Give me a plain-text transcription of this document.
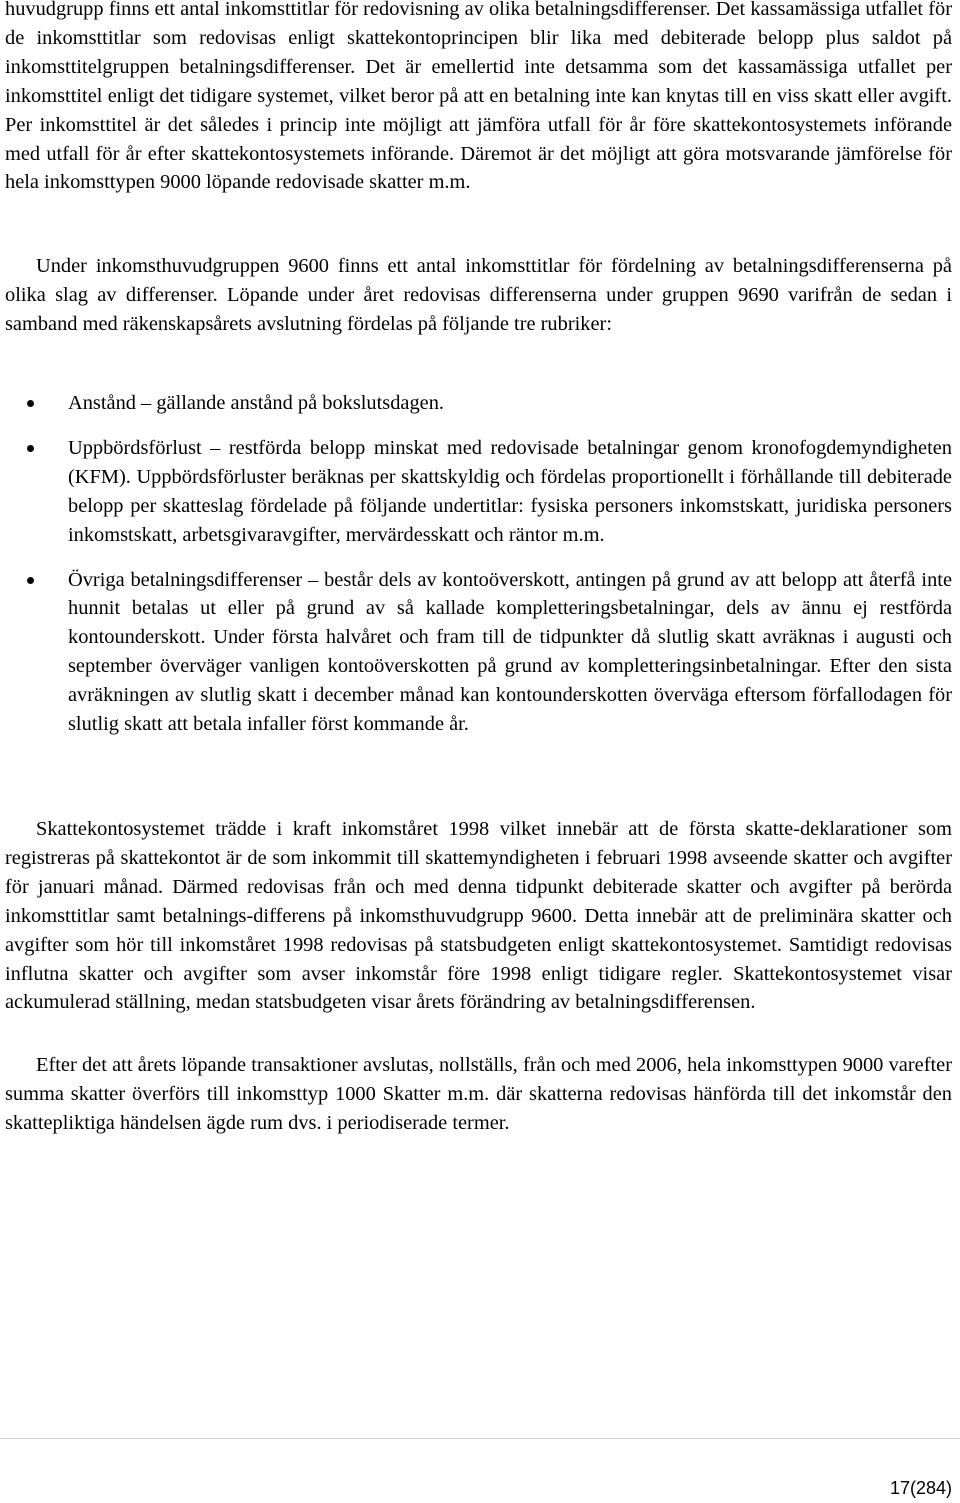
huvudgrupp finns ett antal inkomsttitlar för redovisning av olika betalningsdifferenser. Det kassamässiga utfallet för de inkomsttitlar som redovisas enligt skattekontoprincipen blir lika med debiterade belopp plus saldot på inkomsttitelgruppen betalningsdifferenser. Det är emellertid inte detsamma som det kassamässiga utfallet per inkomsttitel enligt det tidigare systemet, vilket beror på att en betalning inte kan knytas till en viss skatt eller avgift. Per inkomsttitel är det således i princip inte möjligt att jämföra utfall för år före skattekontosystemets införande med utfall för år efter skattekontosystemets införande. Däremot är det möjligt att göra motsvarande jämförelse för hela inkomsttypen 9000 löpande redovisade skatter m.m.

Under inkomsthuvudgruppen 9600 finns ett antal inkomsttitlar för fördelning av betalningsdifferenserna på olika slag av differenser. Löpande under året redovisas differenserna under gruppen 9690 varifrån de sedan i samband med räkenskapsårets avslutning fördelas på följande tre rubriker:

Anstånd – gällande anstånd på bokslutsdagen.
Uppbördsförlust – restförda belopp minskat med redovisade betalningar genom kronofogdemyndigheten (KFM). Uppbördsförluster beräknas per skattskyldig och fördelas proportionellt i förhållande till debiterade belopp per skatteslag fördelade på följande undertitlar: fysiska personers inkomstskatt, juridiska personers inkomstskatt, arbetsgivaravgifter, mervärdesskatt och räntor m.m.
Övriga betalningsdifferenser – består dels av kontoöverskott, antingen på grund av att belopp att återfå inte hunnit betalas ut eller på grund av så kallade kompletteringsbetalningar, dels av ännu ej restförda kontounderskott. Under första halvåret och fram till de tidpunkter då slutlig skatt avräknas i augusti och september överväger vanligen kontoöverskotten på grund av kompletteringsinbetalningar. Efter den sista avräkningen av slutlig skatt i december månad kan kontounderskotten överväga eftersom förfallodagen för slutlig skatt att betala infaller först kommande år.

Skattekontosystemet trädde i kraft inkomståret 1998 vilket innebär att de första skatte-deklarationer som registreras på skattekontot är de som inkommit till skattemyndigheten i februari 1998 avseende skatter och avgifter för januari månad. Därmed redovisas från och med denna tidpunkt debiterade skatter och avgifter på berörda inkomsttitlar samt betalnings-differens på inkomsthuvudgrupp 9600. Detta innebär att de preliminära skatter och avgifter som hör till inkomståret 1998 redovisas på statsbudgeten enligt skattekontosystemet. Samtidigt redovisas influtna skatter och avgifter som avser inkomstår före 1998 enligt tidigare regler. Skattekontosystemet visar ackumulerad ställning, medan statsbudgeten visar årets förändring av betalningsdifferensen.

Efter det att årets löpande transaktioner avslutas, nollställs, från och med 2006, hela inkomsttypen 9000 varefter summa skatter överförs till inkomsttyp 1000 Skatter m.m. där skatterna redovisas hänförda till det inkomstår den skattepliktiga händelsen ägde rum dvs. i periodiserade termer.

17(284)
